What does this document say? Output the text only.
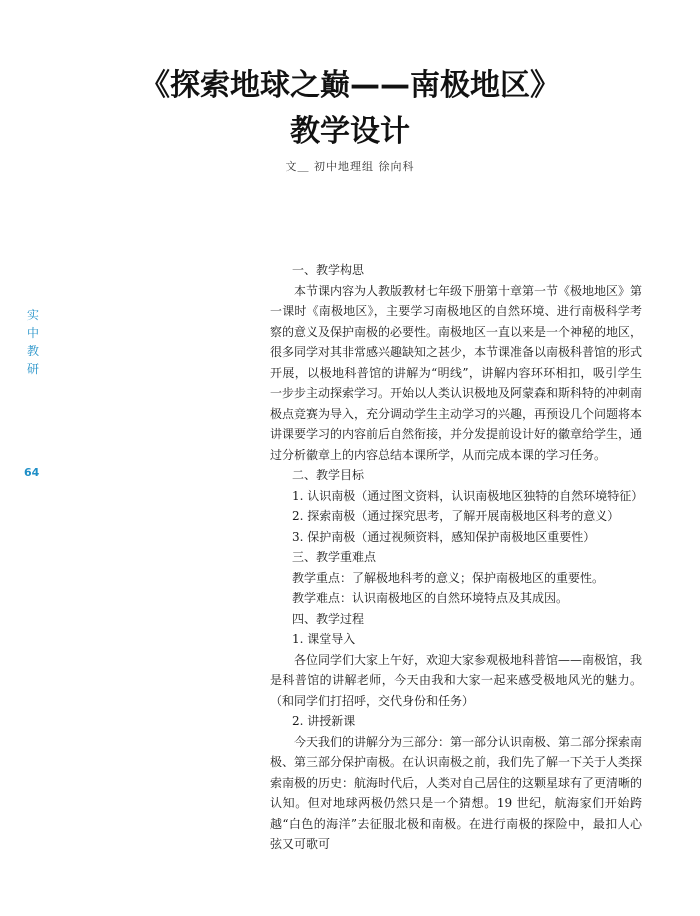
《探索地球之巅——南极地区》
教学设计
文＿ 初中地理组 徐向科
实
中
教
研
64

一、教学构思

本节课内容为人教版教材七年级下册第十章第一节《极地地区》第一课时《南极地区》，主要学习南极地区的自然环境、进行南极科学考察的意义及保护南极的必要性。南极地区一直以来是一个神秘的地区，很多同学对其非常感兴趣缺知之甚少，本节课准备以南极科普馆的形式开展，以极地科普馆的讲解为“明线”，讲解内容环环相扣，吸引学生一步步主动探索学习。开始以人类认识极地及阿蒙森和斯科特的冲刺南极点竞赛为导入，充分调动学生主动学习的兴趣，再预设几个问题将本讲课要学习的内容前后自然衔接，并分发提前设计好的徽章给学生，通过分析徽章上的内容总结本课所学，从而完成本课的学习任务。

二、教学目标

1. 认识南极（通过图文资料，认识南极地区独特的自然环境特征）

2. 探索南极（通过探究思考，了解开展南极地区科考的意义）

3. 保护南极（通过视频资料，感知保护南极地区重要性）

三、教学重难点

教学重点：了解极地科考的意义；保护南极地区的重要性。

教学难点：认识南极地区的自然环境特点及其成因。

四、教学过程

1. 课堂导入

各位同学们大家上午好，欢迎大家参观极地科普馆——南极馆，我是科普馆的讲解老师，今天由我和大家一起来感受极地风光的魅力。（和同学们打招呼，交代身份和任务）

2. 讲授新课

今天我们的讲解分为三部分：第一部分认识南极、第二部分探索南极、第三部分保护南极。在认识南极之前，我们先了解一下关于人类探索南极的历史：航海时代后，人类对自己居住的这颗星球有了更清晰的认知。但对地球两极仍然只是一个猜想。19 世纪，航海家们开始跨越“白色的海洋”去征服北极和南极。在进行南极的探险中，最扣人心弦又可歌可
